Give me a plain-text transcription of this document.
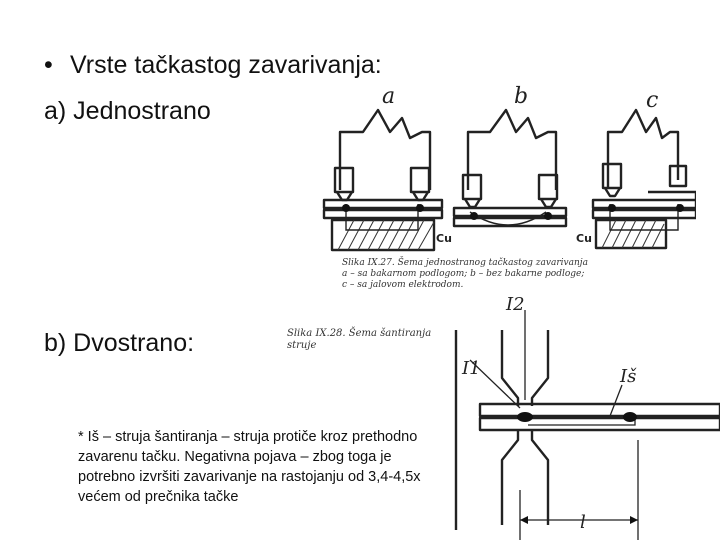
• Vrste tačkastog zavarivanja:
a) Jednostrano
b) Dvostrano:
a	b	c
Cu	Cu
Slika IX.27. Šema jednostranog tačkastog zavarivanja
a – sa bakarnom podlogom; b – bez bakarne podloge;
c – sa jalovom elektrodom.
Slika IX.28. Šema šantiranja
struje
I2
I1	Iš
l
* Iš – struja šantiranja – struja protiče kroz prethodno zavarenu tačku. Negativna pojava – zbog toga je potrebno izvršiti zavarivanje na rastojanju od 3,4-4,5x većem od prečnika tačke
